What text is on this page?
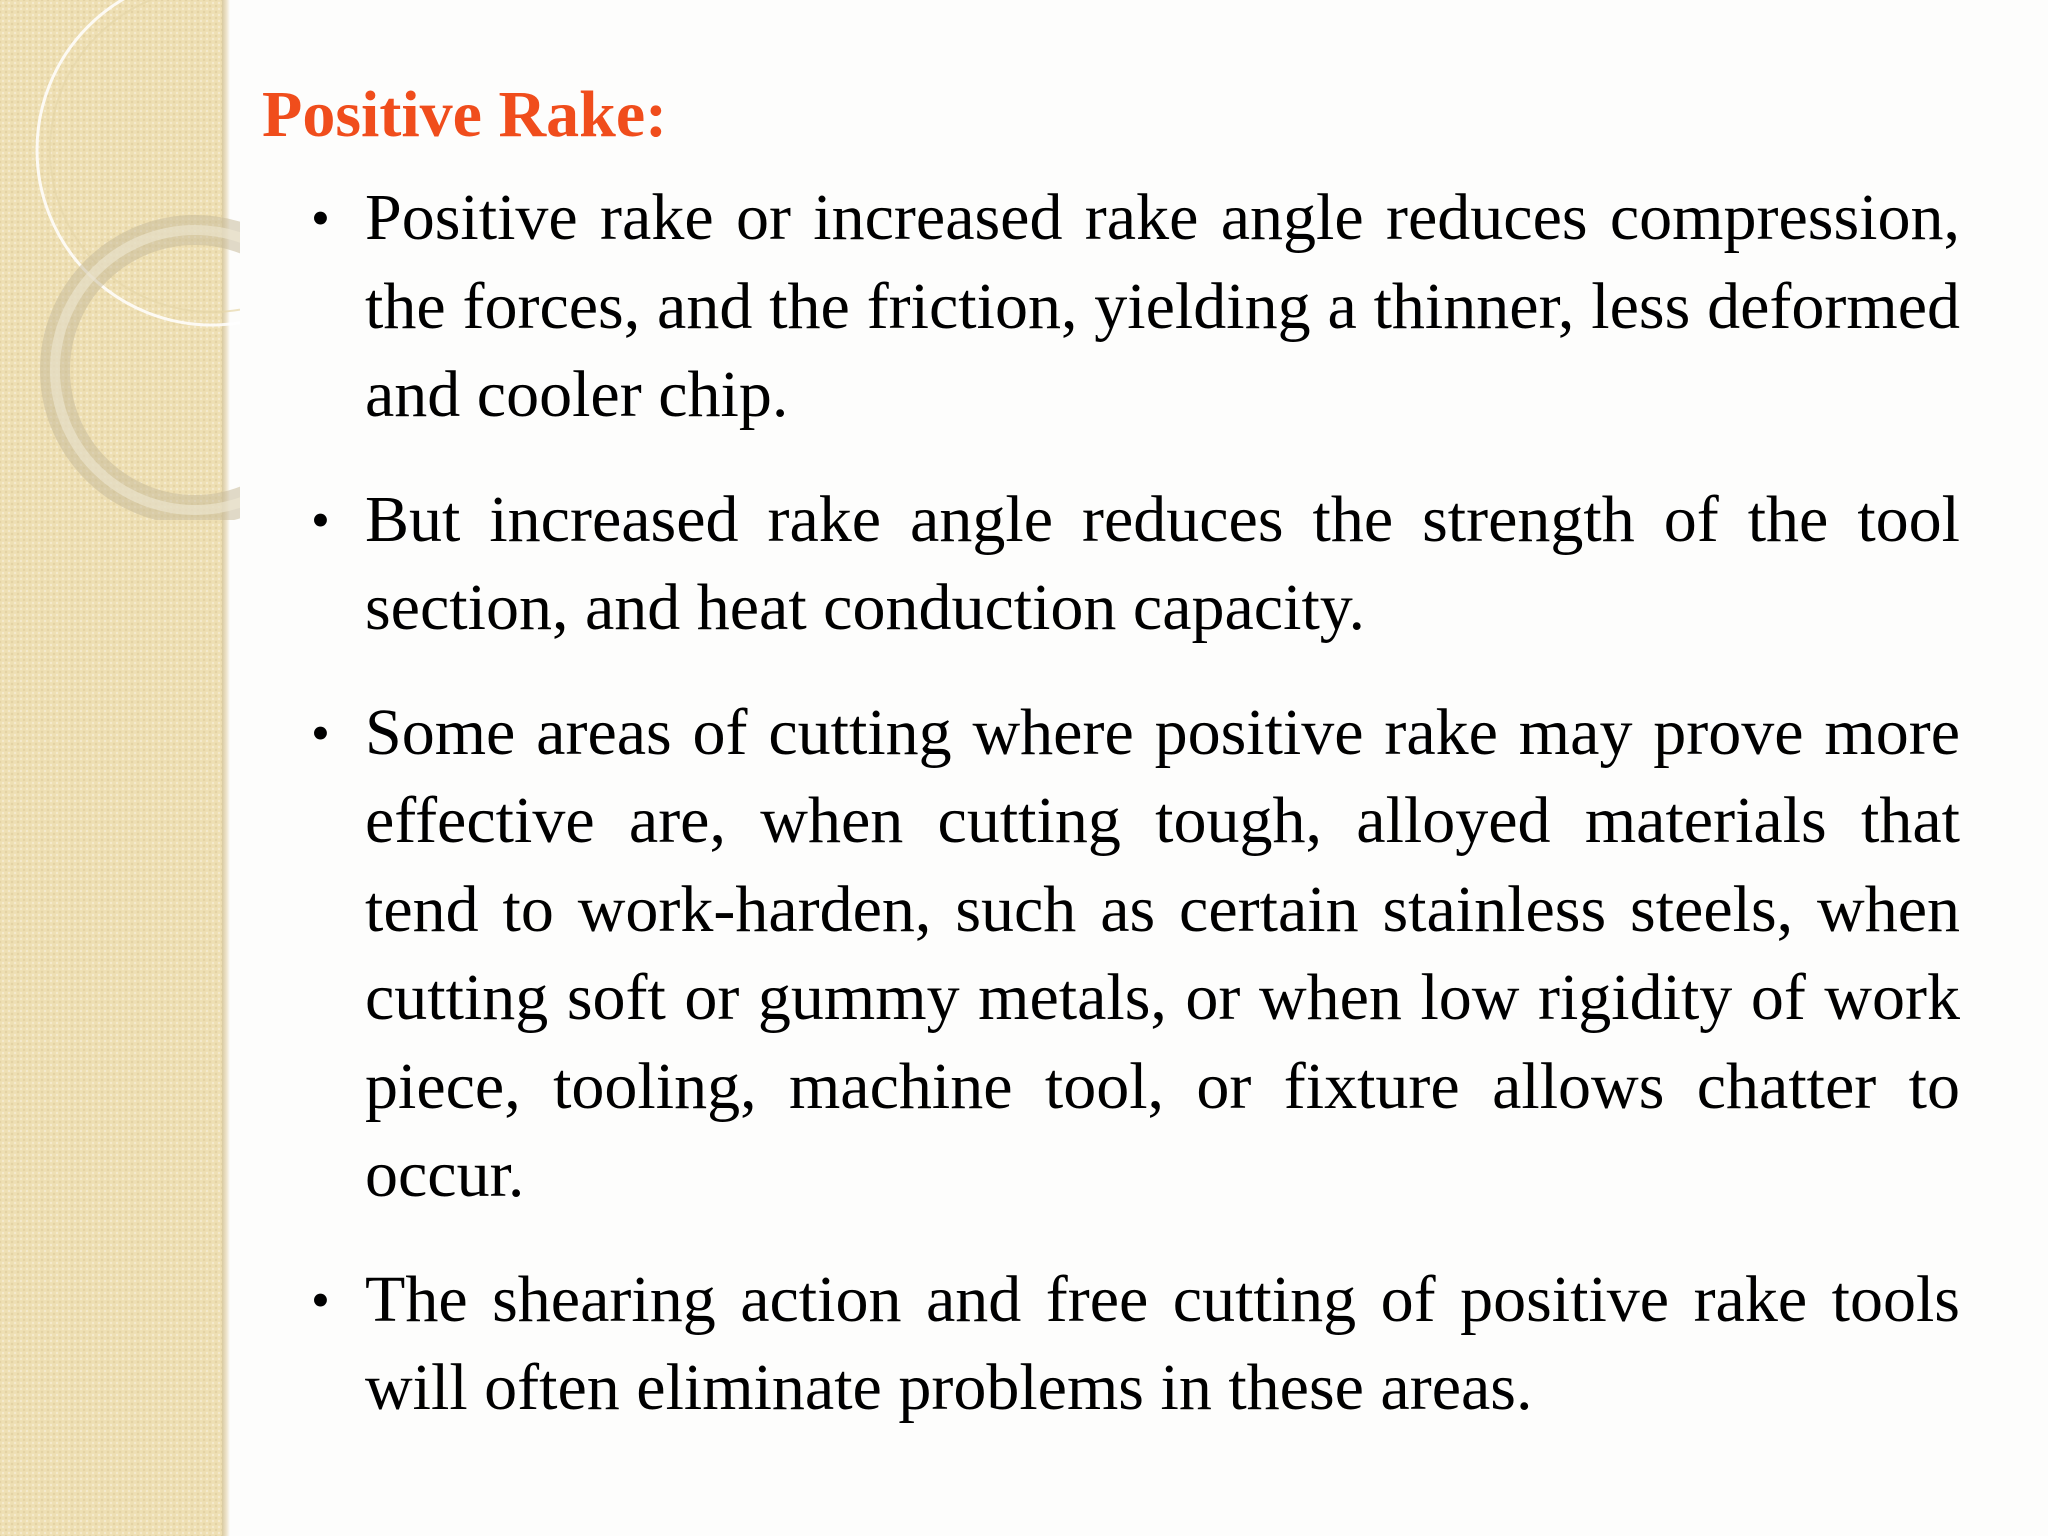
Positive Rake:
• Positive rake or increased rake angle reduces compression, the forces, and the friction, yielding a thinner, less deformed and cooler chip.
• But increased rake angle reduces the strength of the tool section, and heat conduction capacity.
• Some areas of cutting where positive rake may prove more effective are, when cutting tough, alloyed materials that tend to work-harden, such as certain stainless steels, when cutting soft or gummy metals, or when low rigidity of work piece, tooling, machine tool, or fixture allows chatter to occur.
• The shearing action and free cutting of positive rake tools will often eliminate problems in these areas.
